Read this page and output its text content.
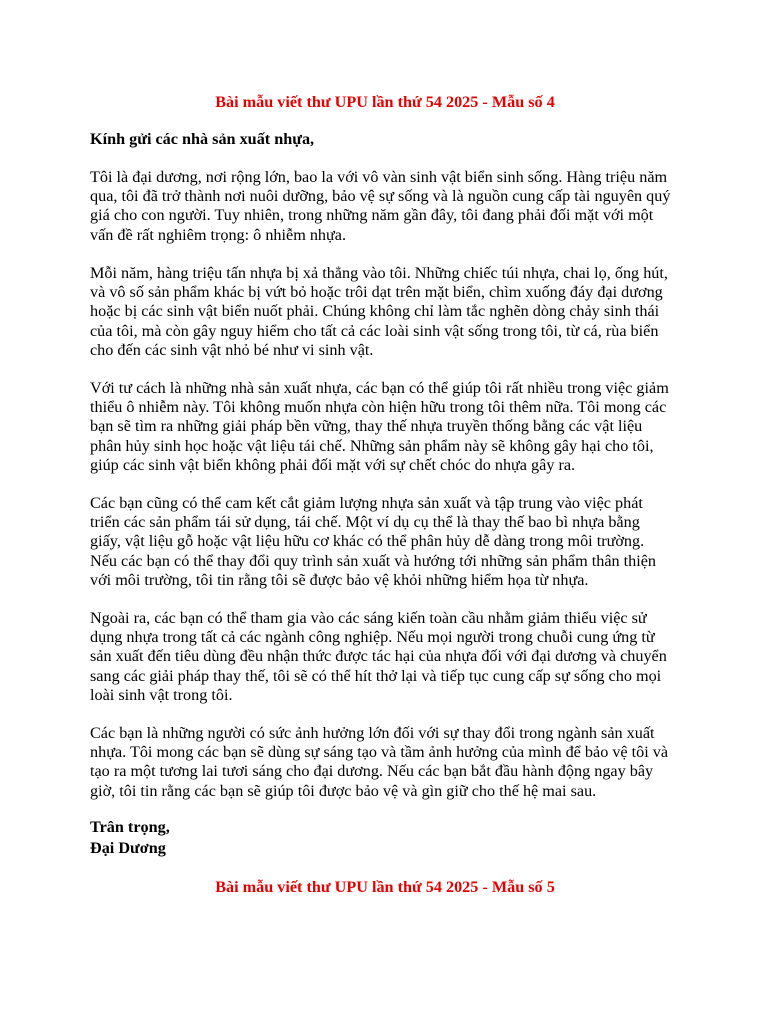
Bài mẫu viết thư UPU lần thứ 54 2025 - Mẫu số 4

Kính gửi các nhà sản xuất nhựa,

Tôi là đại dương, nơi rộng lớn, bao la với vô vàn sinh vật biển sinh sống. Hàng triệu năm
qua, tôi đã trở thành nơi nuôi dưỡng, bảo vệ sự sống và là nguồn cung cấp tài nguyên quý
giá cho con người. Tuy nhiên, trong những năm gần đây, tôi đang phải đối mặt với một
vấn đề rất nghiêm trọng: ô nhiễm nhựa.
Mỗi năm, hàng triệu tấn nhựa bị xả thẳng vào tôi. Những chiếc túi nhựa, chai lọ, ống hút,
và vô số sản phẩm khác bị vứt bỏ hoặc trôi dạt trên mặt biển, chìm xuống đáy đại dương
hoặc bị các sinh vật biển nuốt phải. Chúng không chỉ làm tắc nghẽn dòng chảy sinh thái
của tôi, mà còn gây nguy hiểm cho tất cả các loài sinh vật sống trong tôi, từ cá, rùa biển
cho đến các sinh vật nhỏ bé như vi sinh vật.
Với tư cách là những nhà sản xuất nhựa, các bạn có thể giúp tôi rất nhiều trong việc giảm
thiểu ô nhiễm này. Tôi không muốn nhựa còn hiện hữu trong tôi thêm nữa. Tôi mong các
bạn sẽ tìm ra những giải pháp bền vững, thay thế nhựa truyền thống bằng các vật liệu
phân hủy sinh học hoặc vật liệu tái chế. Những sản phẩm này sẽ không gây hại cho tôi,
giúp các sinh vật biển không phải đối mặt với sự chết chóc do nhựa gây ra.
Các bạn cũng có thể cam kết cắt giảm lượng nhựa sản xuất và tập trung vào việc phát
triển các sản phẩm tái sử dụng, tái chế. Một ví dụ cụ thể là thay thế bao bì nhựa bằng
giấy, vật liệu gỗ hoặc vật liệu hữu cơ khác có thể phân hủy dễ dàng trong môi trường.
Nếu các bạn có thể thay đổi quy trình sản xuất và hướng tới những sản phẩm thân thiện
với môi trường, tôi tin rằng tôi sẽ được bảo vệ khỏi những hiểm họa từ nhựa.
Ngoài ra, các bạn có thể tham gia vào các sáng kiến toàn cầu nhằm giảm thiểu việc sử
dụng nhựa trong tất cả các ngành công nghiệp. Nếu mọi người trong chuỗi cung ứng từ
sản xuất đến tiêu dùng đều nhận thức được tác hại của nhựa đối với đại dương và chuyển
sang các giải pháp thay thế, tôi sẽ có thể hít thở lại và tiếp tục cung cấp sự sống cho mọi
loài sinh vật trong tôi.
Các bạn là những người có sức ảnh hưởng lớn đối với sự thay đổi trong ngành sản xuất
nhựa. Tôi mong các bạn sẽ dùng sự sáng tạo và tầm ảnh hưởng của mình để bảo vệ tôi và
tạo ra một tương lai tươi sáng cho đại dương. Nếu các bạn bắt đầu hành động ngay bây
giờ, tôi tin rằng các bạn sẽ giúp tôi được bảo vệ và gìn giữ cho thế hệ mai sau.
Trân trọng,
Đại Dương

Bài mẫu viết thư UPU lần thứ 54 2025 - Mẫu số 5
